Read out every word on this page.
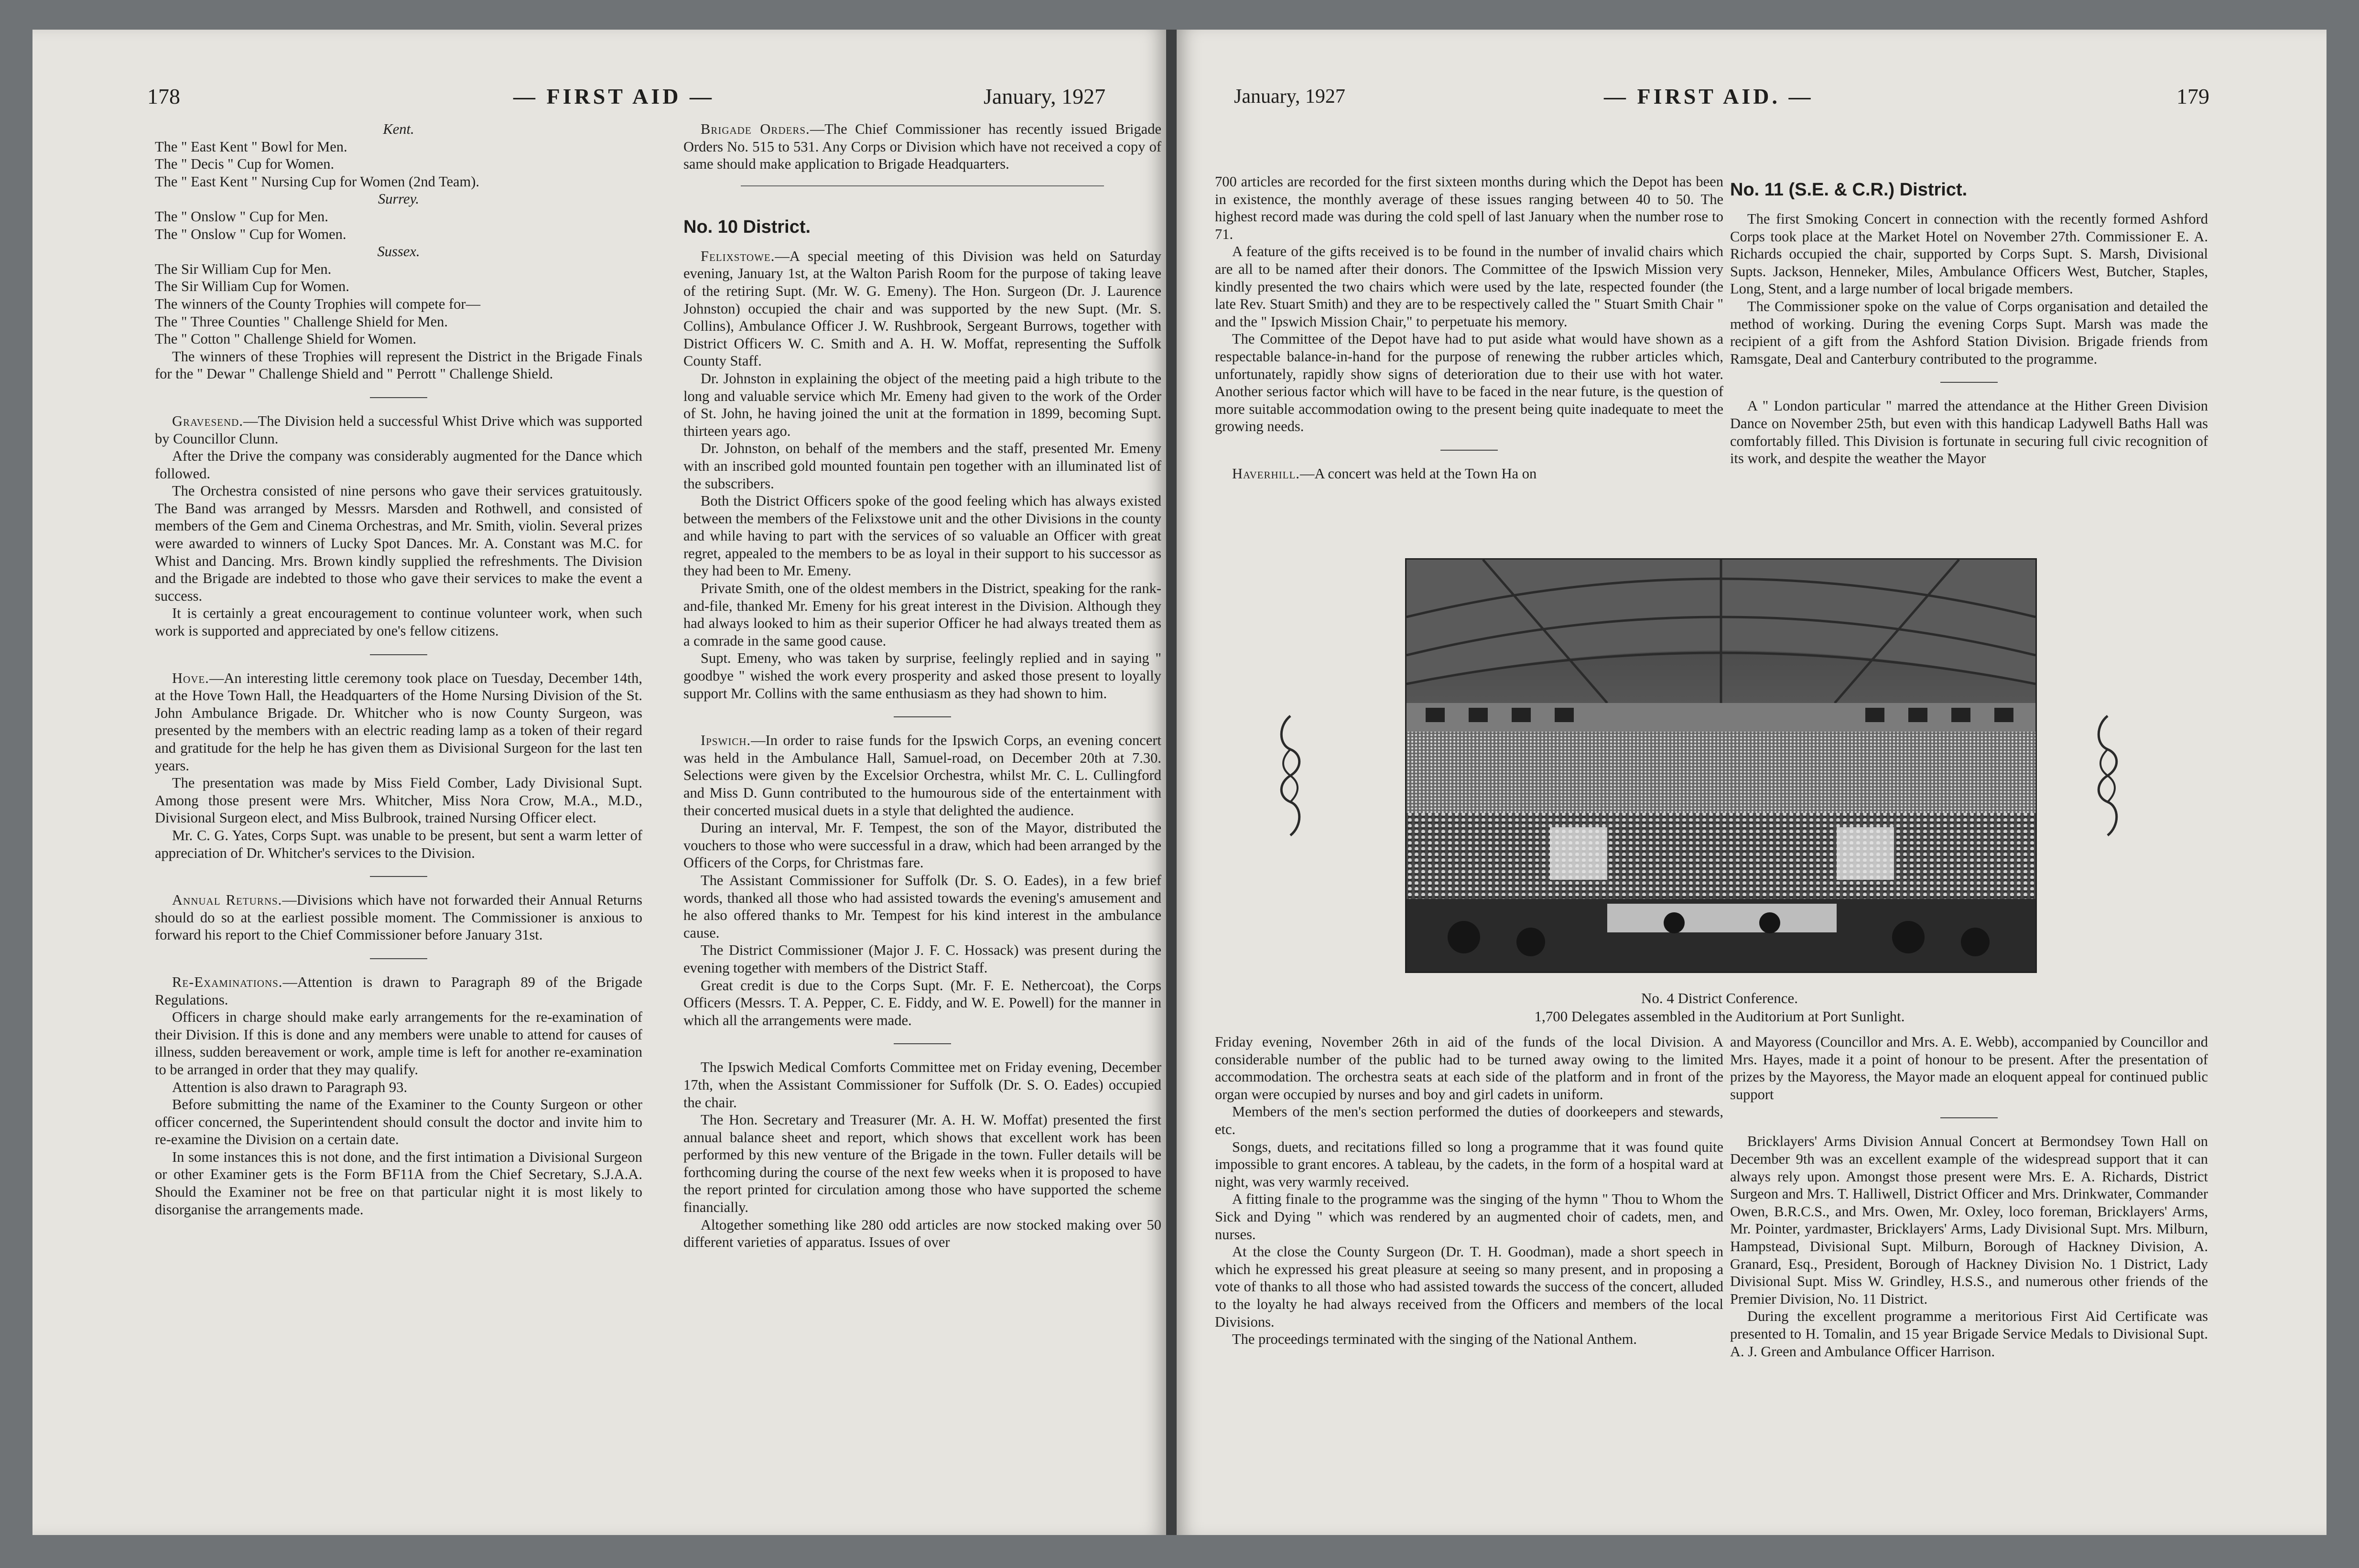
178	— FIRST AID —	January, 1927

Kent.

The " East Kent " Bowl for Men.

The " Decis " Cup for Women.

The " East Kent " Nursing Cup for Women (2nd Team).

Surrey.

The " Onslow " Cup for Men.

The " Onslow " Cup for Women.

Sussex.

The Sir William Cup for Men.

The Sir William Cup for Women.

The winners of the County Trophies will compete for—

The " Three Counties " Challenge Shield for Men.

The " Cotton " Challenge Shield for Women.

The winners of these Trophies will represent the District in the Brigade Finals for the " Dewar " Challenge Shield and " Perrott " Challenge Shield.

Gravesend.—The Division held a successful Whist Drive which was supported by Councillor Clunn.

After the Drive the company was considerably augmented for the Dance which followed.

The Orchestra consisted of nine persons who gave their services gratuitously. The Band was arranged by Messrs. Marsden and Rothwell, and consisted of members of the Gem and Cinema Orchestras, and Mr. Smith, violin. Several prizes were awarded to winners of Lucky Spot Dances. Mr. A. Constant was M.C. for Whist and Dancing. Mrs. Brown kindly supplied the refreshments. The Division and the Brigade are indebted to those who gave their services to make the event a success.

It is certainly a great encouragement to continue volunteer work, when such work is supported and appreciated by one's fellow citizens.

Hove.—An interesting little ceremony took place on Tuesday, December 14th, at the Hove Town Hall, the Headquarters of the Home Nursing Division of the St. John Ambulance Brigade. Dr. Whitcher who is now County Surgeon, was presented by the members with an electric reading lamp as a token of their regard and gratitude for the help he has given them as Divisional Surgeon for the last ten years.

The presentation was made by Miss Field Comber, Lady Divisional Supt. Among those present were Mrs. Whitcher, Miss Nora Crow, M.A., M.D., Divisional Surgeon elect, and Miss Bulbrook, trained Nursing Officer elect.

Mr. C. G. Yates, Corps Supt. was unable to be present, but sent a warm letter of appreciation of Dr. Whitcher's services to the Division.

Annual Returns.—Divisions which have not forwarded their Annual Returns should do so at the earliest possible moment. The Commissioner is anxious to forward his report to the Chief Commissioner before January 31st.

Re-Examinations.—Attention is drawn to Paragraph 89 of the Brigade Regulations.

Officers in charge should make early arrangements for the re-examination of their Division. If this is done and any members were unable to attend for causes of illness, sudden bereavement or work, ample time is left for another re-examination to be arranged in order that they may qualify.

Attention is also drawn to Paragraph 93.

Before submitting the name of the Examiner to the County Surgeon or other officer concerned, the Superintendent should consult the doctor and invite him to re-examine the Division on a certain date.

In some instances this is not done, and the first intimation a Divisional Surgeon or other Examiner gets is the Form BF11A from the Chief Secretary, S.J.A.A. Should the Examiner not be free on that particular night it is most likely to disorganise the arrangements made.

Brigade Orders.—The Chief Commissioner has recently issued Brigade Orders No. 515 to 531. Any Corps or Division which have not received a copy of same should make application to Brigade Headquarters.

No. 10 District.

Felixstowe.—A special meeting of this Division was held on Saturday evening, January 1st, at the Walton Parish Room for the purpose of taking leave of the retiring Supt. (Mr. W. G. Emeny). The Hon. Surgeon (Dr. J. Laurence Johnston) occupied the chair and was supported by the new Supt. (Mr. S. Collins), Ambulance Officer J. W. Rushbrook, Sergeant Burrows, together with District Officers W. C. Smith and A. H. W. Moffat, representing the Suffolk County Staff.

Dr. Johnston in explaining the object of the meeting paid a high tribute to the long and valuable service which Mr. Emeny had given to the work of the Order of St. John, he having joined the unit at the formation in 1899, becoming Supt. thirteen years ago.

Dr. Johnston, on behalf of the members and the staff, presented Mr. Emeny with an inscribed gold mounted fountain pen together with an illuminated list of the subscribers.

Both the District Officers spoke of the good feeling which has always existed between the members of the Felixstowe unit and the other Divisions in the county and while having to part with the services of so valuable an Officer with great regret, appealed to the members to be as loyal in their support to his successor as they had been to Mr. Emeny.

Private Smith, one of the oldest members in the District, speaking for the rank-and-file, thanked Mr. Emeny for his great interest in the Division. Although they had always looked to him as their superior Officer he had always treated them as a comrade in the same good cause.

Supt. Emeny, who was taken by surprise, feelingly replied and in saying " goodbye " wished the work every prosperity and asked those present to loyally support Mr. Collins with the same enthusiasm as they had shown to him.

Ipswich.—In order to raise funds for the Ipswich Corps, an evening concert was held in the Ambulance Hall, Samuel-road, on December 20th at 7.30. Selections were given by the Excelsior Orchestra, whilst Mr. C. L. Cullingford and Miss D. Gunn contributed to the humourous side of the entertainment with their concerted musical duets in a style that delighted the audience.

During an interval, Mr. F. Tempest, the son of the Mayor, distributed the vouchers to those who were successful in a draw, which had been arranged by the Officers of the Corps, for Christmas fare.

The Assistant Commissioner for Suffolk (Dr. S. O. Eades), in a few brief words, thanked all those who had assisted towards the evening's amusement and he also offered thanks to Mr. Tempest for his kind interest in the ambulance cause.

The District Commissioner (Major J. F. C. Hossack) was present during the evening together with members of the District Staff.

Great credit is due to the Corps Supt. (Mr. F. E. Nethercoat), the Corps Officers (Messrs. T. A. Pepper, C. E. Fiddy, and W. E. Powell) for the manner in which all the arrangements were made.

The Ipswich Medical Comforts Committee met on Friday evening, December 17th, when the Assistant Commissioner for Suffolk (Dr. S. O. Eades) occupied the chair.

The Hon. Secretary and Treasurer (Mr. A. H. W. Moffat) presented the first annual balance sheet and report, which shows that excellent work has been performed by this new venture of the Brigade in the town. Fuller details will be forthcoming during the course of the next few weeks when it is proposed to have the report printed for circulation among those who have supported the scheme financially.

Altogether something like 280 odd articles are now stocked making over 50 different varieties of apparatus. Issues of over

January, 1927	— FIRST AID. —	179

700 articles are recorded for the first sixteen months during which the Depot has been in existence, the monthly average of these issues ranging between 40 to 50. The highest record made was during the cold spell of last January when the number rose to 71.

A feature of the gifts received is to be found in the number of invalid chairs which are all to be named after their donors. The Committee of the Ipswich Mission very kindly presented the two chairs which were used by the late, respected founder (the late Rev. Stuart Smith) and they are to be respectively called the " Stuart Smith Chair " and the " Ipswich Mission Chair," to perpetuate his memory.

The Committee of the Depot have had to put aside what would have shown as a respectable balance-in-hand for the purpose of renewing the rubber articles which, unfortunately, rapidly show signs of deterioration due to their use with hot water. Another serious factor which will have to be faced in the near future, is the question of more suitable accommodation owing to the present being quite inadequate to meet the growing needs.

Haverhill.—A concert was held at the Town Ha on

No. 11 (S.E. & C.R.) District.

The first Smoking Concert in connection with the recently formed Ashford Corps took place at the Market Hotel on November 27th. Commissioner E. A. Richards occupied the chair, supported by Corps Supt. S. Marsh, Divisional Supts. Jackson, Henneker, Miles, Ambulance Officers West, Butcher, Staples, Long, Stent, and a large number of local brigade members.

The Commissioner spoke on the value of Corps organisation and detailed the method of working. During the evening Corps Supt. Marsh was made the recipient of a gift from the Ashford Station Division. Brigade friends from Ramsgate, Deal and Canterbury contributed to the programme.

A " London particular " marred the attendance at the Hither Green Division Dance on November 25th, but even with this handicap Ladywell Baths Hall was comfortably filled. This Division is fortunate in securing full civic recognition of its work, and despite the weather the Mayor

No. 4 District Conference.
1,700 Delegates assembled in the Auditorium at Port Sunlight.

Friday evening, November 26th in aid of the funds of the local Division. A considerable number of the public had to be turned away owing to the limited accommodation. The orchestra seats at each side of the platform and in front of the organ were occupied by nurses and boy and girl cadets in uniform.

Members of the men's section performed the duties of doorkeepers and stewards, etc.

Songs, duets, and recitations filled so long a programme that it was found quite impossible to grant encores. A tableau, by the cadets, in the form of a hospital ward at night, was very warmly received.

A fitting finale to the programme was the singing of the hymn " Thou to Whom the Sick and Dying " which was rendered by an augmented choir of cadets, men, and nurses.

At the close the County Surgeon (Dr. T. H. Goodman), made a short speech in which he expressed his great pleasure at seeing so many present, and in proposing a vote of thanks to all those who had assisted towards the success of the concert, alluded to the loyalty he had always received from the Officers and members of the local Divisions.

The proceedings terminated with the singing of the National Anthem.

and Mayoress (Councillor and Mrs. A. E. Webb), accompanied by Councillor and Mrs. Hayes, made it a point of honour to be present. After the presentation of prizes by the Mayoress, the Mayor made an eloquent appeal for continued public support

Bricklayers' Arms Division Annual Concert at Bermondsey Town Hall on December 9th was an excellent example of the widespread support that it can always rely upon. Amongst those present were Mrs. E. A. Richards, District Surgeon and Mrs. T. Halliwell, District Officer and Mrs. Drinkwater, Commander Owen, B.R.C.S., and Mrs. Owen, Mr. Oxley, loco foreman, Bricklayers' Arms, Mr. Pointer, yardmaster, Bricklayers' Arms, Lady Divisional Supt. Mrs. Milburn, Hampstead, Divisional Supt. Milburn, Borough of Hackney Division, A. Granard, Esq., President, Borough of Hackney Division No. 1 District, Lady Divisional Supt. Miss W. Grindley, H.S.S., and numerous other friends of the Premier Division, No. 11 District.

During the excellent programme a meritorious First Aid Certificate was presented to H. Tomalin, and 15 year Brigade Service Medals to Divisional Supt. A. J. Green and Ambulance Officer Harrison.
